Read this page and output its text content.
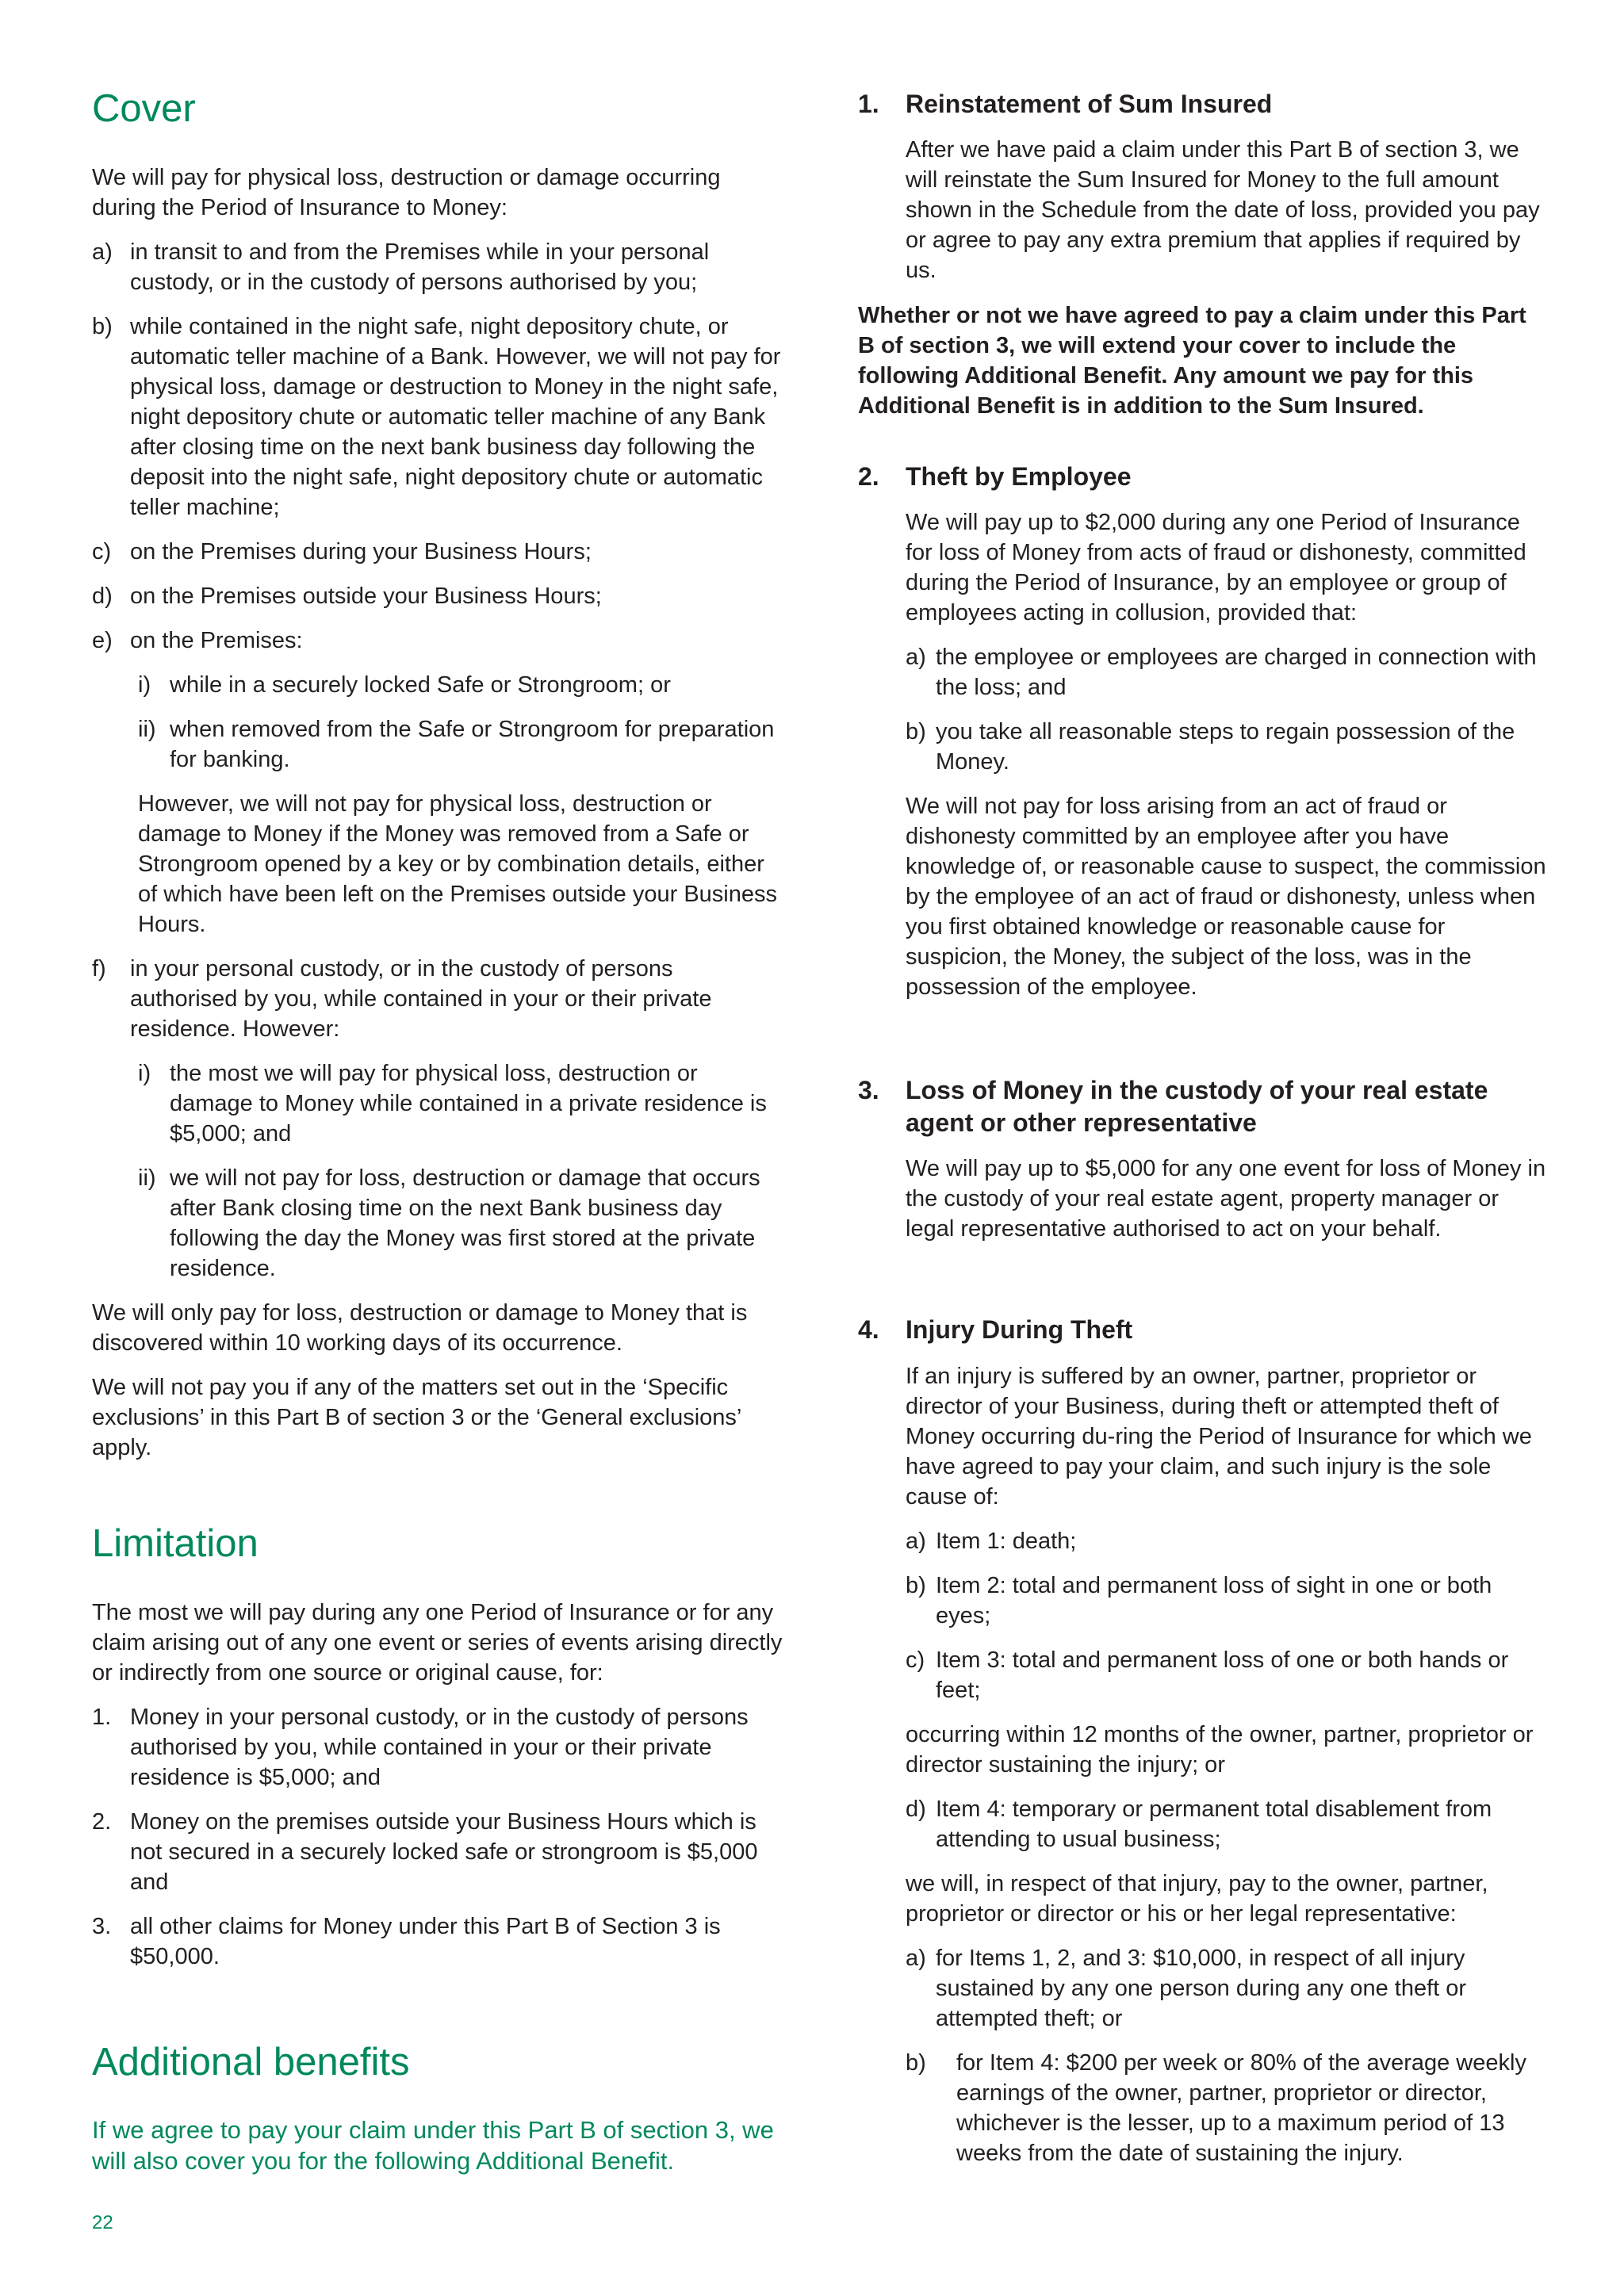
Cover

We will pay for physical loss, destruction or damage occurring during the Period of Insurance to Money:

a) in transit to and from the Premises while in your personal custody, or in the custody of persons authorised by you;
b) while contained in the night safe, night depository chute, or automatic teller machine of a Bank. However, we will not pay for physical loss, damage or destruction to Money in the night safe, night depository chute or automatic teller machine of any Bank after closing time on the next bank business day following the deposit into the night safe, night depository chute or automatic teller machine;
c) on the Premises during your Business Hours;
d) on the Premises outside your Business Hours;
e) on the Premises:
i) while in a securely locked Safe or Strongroom; or
ii) when removed from the Safe or Strongroom for preparation for banking.

However, we will not pay for physical loss, destruction or damage to Money if the Money was removed from a Safe or Strongroom opened by a key or by combination details, either of which have been left on the Premises outside your Business Hours.

f) in your personal custody, or in the custody of persons authorised by you, while contained in your or their private residence. However:
i) the most we will pay for physical loss, destruction or damage to Money while contained in a private residence is $5,000; and
ii) we will not pay for loss, destruction or damage that occurs after Bank closing time on the next Bank business day following the day the Money was first stored at the private residence.

We will only pay for loss, destruction or damage to Money that is discovered within 10 working days of its occurrence.

We will not pay you if any of the matters set out in the ‘Specific exclusions’ in this Part B of section 3 or the ‘General exclusions’ apply.

Limitation

The most we will pay during any one Period of Insurance or for any claim arising out of any one event or series of events arising directly or indirectly from one source or original cause, for:

1. Money in your personal custody, or in the custody of persons authorised by you, while contained in your or their private residence is $5,000; and
2. Money on the premises outside your Business Hours which is not secured in a securely locked safe or strongroom is $5,000 and
3. all other claims for Money under this Part B of Section 3 is $50,000.
Additional benefits

If we agree to pay your claim under this Part B of section 3, we will also cover you for the following Additional Benefit.

22
1.	Reinstatement of Sum Insured

After we have paid a claim under this Part B of section 3, we will reinstate the Sum Insured for Money to the full amount shown in the Schedule from the date of loss, provided you pay or agree to pay any extra premium that applies if required by us.

Whether or not we have agreed to pay a claim under this Part B of section 3, we will extend your cover to include the following Additional Benefit. Any amount we pay for this Additional Benefit is in addition to the Sum Insured.

2.	Theft by Employee

We will pay up to $2,000 during any one Period of Insurance for loss of Money from acts of fraud or dishonesty, committed during the Period of Insurance, by an employee or group of employees acting in collusion, provided that:

a) the employee or employees are charged in connection with the loss; and
b) you take all reasonable steps to regain possession of the Money.

We will not pay for loss arising from an act of fraud or dishonesty committed by an employee after you have knowledge of, or reasonable cause to suspect, the commission by the employee of an act of fraud or dishonesty, unless when you first obtained knowledge or reasonable cause for suspicion, the Money, the subject of the loss, was in the possession of the employee.

3.	Loss of Money in the custody of your real estate agent or other representative

We will pay up to $5,000 for any one event for loss of Money in the custody of your real estate agent, property manager or legal representative authorised to act on your behalf.

4.	Injury During Theft

If an injury is suffered by an owner, partner, proprietor or director of your Business, during theft or attempted theft of Money occurring du-ring the Period of Insurance for which we have agreed to pay your claim, and such injury is the sole cause of:

a) Item 1: death;
b) Item 2: total and permanent loss of sight in one or both eyes;
c) Item 3: total and permanent loss of one or both hands or feet;

occurring within 12 months of the owner, partner, proprietor or director sustaining the injury; or

d) Item 4: temporary or permanent total disablement from attending to usual business;

we will, in respect of that injury, pay to the owner, partner, proprietor or director or his or her legal representative:

a) for Items 1, 2, and 3: $10,000, in respect of all injury sustained by any one person during any one theft or attempted theft; or
b) for Item 4: $200 per week or 80% of the average weekly earnings of the owner, partner, proprietor or director, whichever is the lesser, up to a maximum period of 13 weeks from the date of sustaining the injury.
